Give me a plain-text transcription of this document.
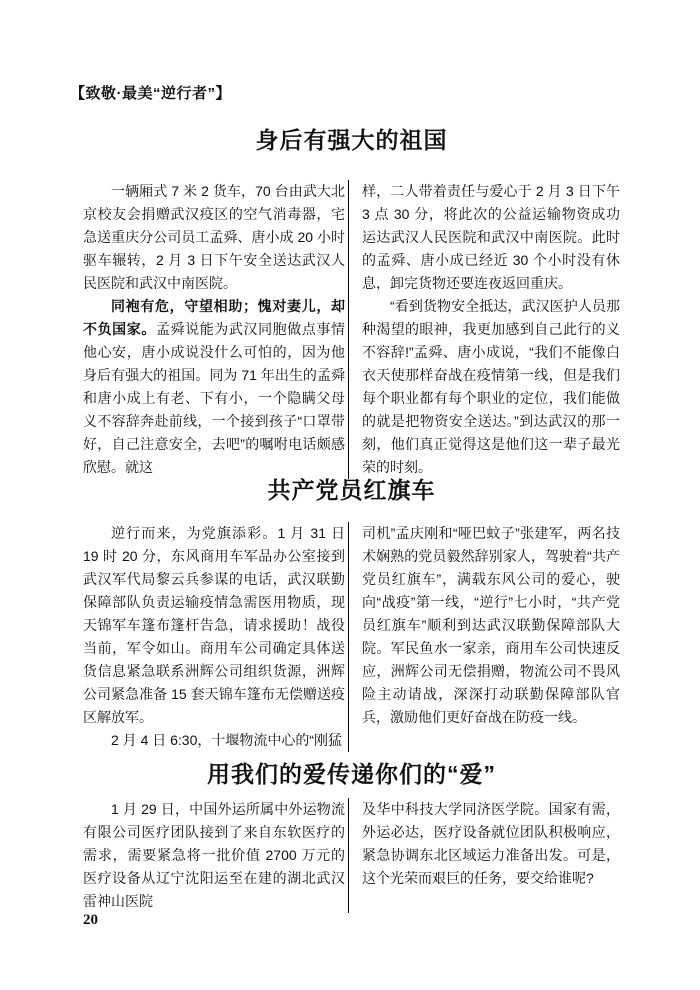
【致敬·最美“逆行者”】
身后有强大的祖国

一辆厢式 7 米 2 货车，70 台由武大北京校友会捐赠武汉疫区的空气消毒器，宅急送重庆分公司员工孟舜、唐小成 20 小时驱车辗转，2 月 3 日下午安全送达武汉人民医院和武汉中南医院。

同袍有危，守望相助；愧对妻儿，却不负国家。孟舜说能为武汉同胞做点事情他心安，唐小成说没什么可怕的，因为他身后有强大的祖国。同为 71 年出生的孟舜和唐小成上有老、下有小，一个隐瞒父母义不容辞奔赴前线，一个接到孩子“口罩带好，自己注意安全，去吧”的嘱咐电话颇感欣慰。就这

样，二人带着责任与爱心于 2 月 3 日下午 3 点 30 分，将此次的公益运输物资成功运达武汉人民医院和武汉中南医院。此时的孟舜、唐小成已经近 30 个小时没有休息，卸完货物还要连夜返回重庆。

“看到货物安全抵达，武汉医护人员那种渴望的眼神，我更加感到自己此行的义不容辞!”孟舜、唐小成说，“我们不能像白衣天使那样奋战在疫情第一线，但是我们每个职业都有每个职业的定位，我们能做的就是把物资安全送达。”到达武汉的那一刻，他们真正觉得这是他们这一辈子最光荣的时刻。

共产党员红旗车

逆行而来，为党旗添彩。1 月 31 日 19 时 20 分，东风商用车军品办公室接到武汉军代局黎云兵参谋的电话，武汉联勤保障部队负责运输疫情急需医用物质，现天锦军车篷布篷杆告急，请求援助！战役当前，军令如山。商用车公司确定具体送货信息紧急联系洲辉公司组织货源，洲辉公司紧急准备 15 套天锦车篷布无偿赠送疫区解放军。

2 月 4 日 6:30，十堰物流中心的“刚猛

司机”孟庆刚和“哑巴蚊子”张建军，两名技术娴熟的党员毅然辞别家人，驾驶着“共产党员红旗车”，满载东风公司的爱心，驶向“战疫”第一线，“逆行”七小时，“共产党员红旗车”顺利到达武汉联勤保障部队大院。军民鱼水一家亲，商用车公司快速反应，洲辉公司无偿捐赠，物流公司不畏风险主动请战，深深打动联勤保障部队官兵，激励他们更好奋战在防疫一线。

用我们的爱传递你们的“爱”

1 月 29 日，中国外运所属中外运物流有限公司医疗团队接到了来自东软医疗的需求，需要紧急将一批价值 2700 万元的医疗设备从辽宁沈阳运至在建的湖北武汉雷神山医院

及华中科技大学同济医学院。国家有需，外运必达，医疗设备就位团队积极响应，紧急协调东北区域运力准备出发。可是，这个光荣而艰巨的任务，要交给谁呢?

20
